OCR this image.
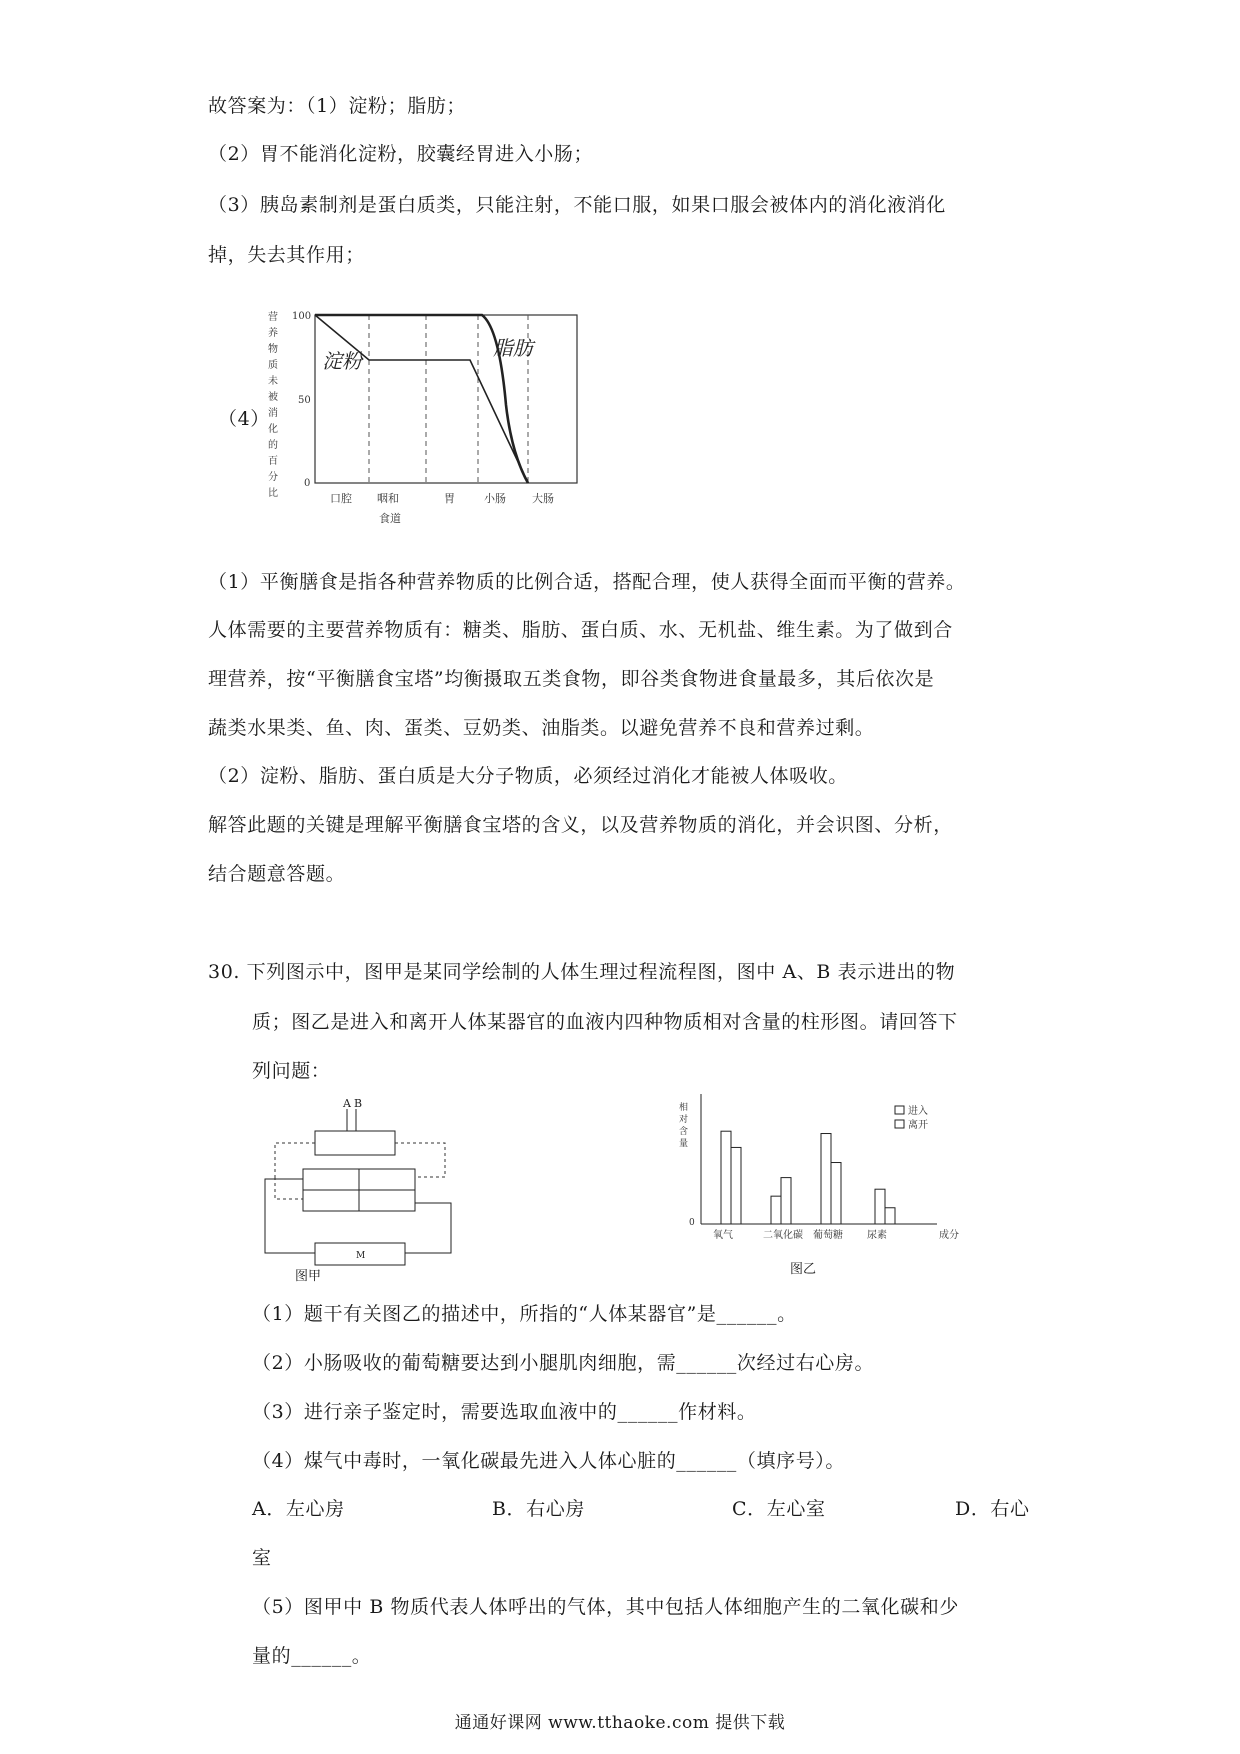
故答案为：（1）淀粉；脂肪；
（2）胃不能消化淀粉，胶囊经胃进入小肠；
（3）胰岛素制剂是蛋白质类，只能注射，不能口服，如果口服会被体内的消化液消化
掉，失去其作用；
（4）
营养物质未被消化的百分比
100
50
0
淀粉
脂肪
口腔 咽和
食道
胃	小肠 大肠
（1）平衡膳食是指各种营养物质的比例合适，搭配合理，使人获得全面而平衡的营养。
人体需要的主要营养物质有：糖类、脂肪、蛋白质、水、无机盐、维生素。为了做到合
理营养，按“平衡膳食宝塔”均衡摄取五类食物，即谷类食物进食量最多，其后依次是
蔬类水果类、鱼、肉、蛋类、豆奶类、油脂类。以避免营养不良和营养过剩。
（2）淀粉、脂肪、蛋白质是大分子物质，必须经过消化才能被人体吸收。
解答此题的关键是理解平衡膳食宝塔的含义，以及营养物质的消化，并会识图、分析，
结合题意答题。
30. 下列图示中，图甲是某同学绘制的人体生理过程流程图，图中 A、B 表示进出的物
质；图乙是进入和离开人体某器官的血液内四种物质相对含量的柱形图。请回答下
列问题：
A B
M
图甲
相对含量
0
进入
离开
氧气	二氧化碳 葡萄糖 尿素	成分
图乙
（1）题干有关图乙的描述中，所指的“人体某器官”是______。
（2）小肠吸收的葡萄糖要达到小腿肌肉细胞，需______次经过右心房。
（3）进行亲子鉴定时，需要选取血液中的______作材料。
（4）煤气中毒时，一氧化碳最先进入人体心脏的______（填序号）。
A．左心房	B．右心房	C．左心室	D．右心
室
（5）图甲中 B 物质代表人体呼出的气体，其中包括人体细胞产生的二氧化碳和少
量的______。
通通好课网 www.tthaoke.com 提供下载
